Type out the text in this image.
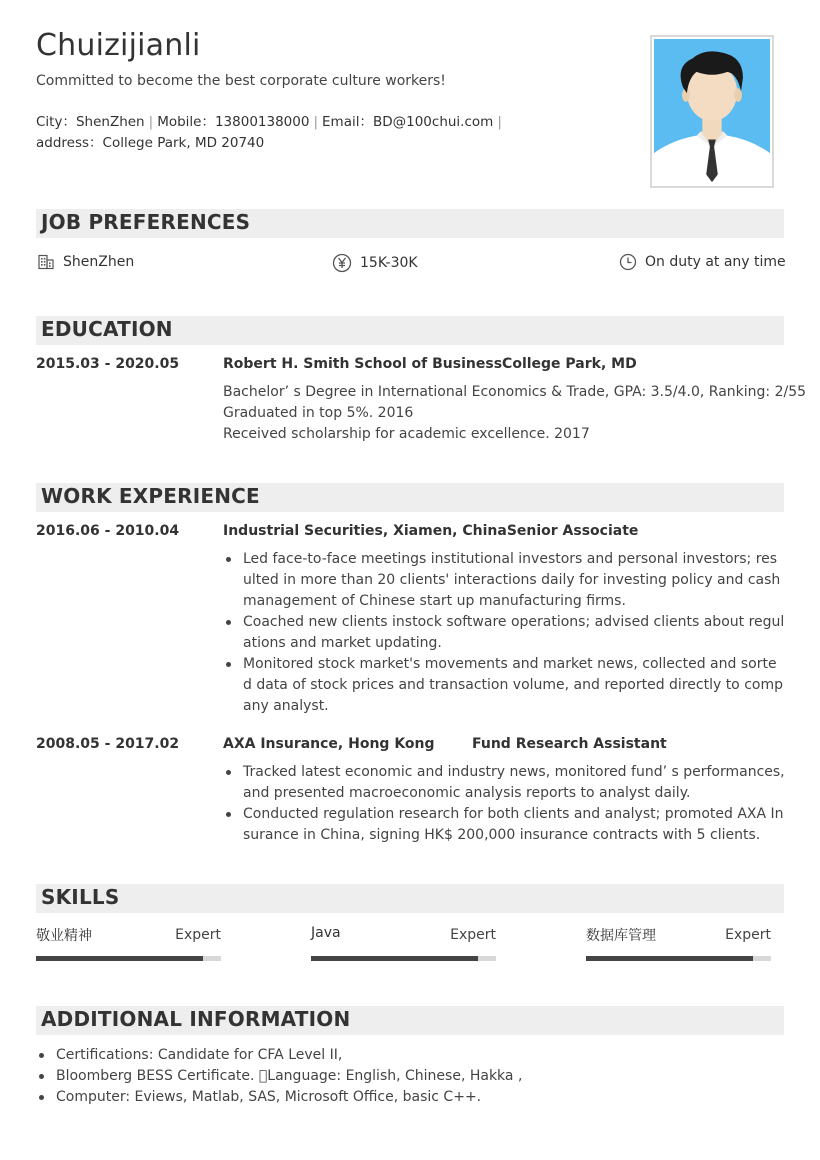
Chuizijianli
Committed to become the best corporate culture workers!
City：ShenZhen | Mobile：13800138000 | Email：BD@100chui.com |
address：College Park, MD 20740
JOB PREFERENCES
ShenZhen	15K-30K	On duty at any time
EDUCATION
2015.03 - 2020.05	Robert H. Smith School of BusinessCollege Park, MD
Bachelor’ s Degree in International Economics & Trade, GPA: 3.5/4.0, Ranking: 2/55
Graduated in top 5%. 2016
Received scholarship for academic excellence. 2017
WORK EXPERIENCE
2016.06 - 2010.04	Industrial Securities, Xiamen, ChinaSenior Associate
Led face-to-face meetings institutional investors and personal investors; resulted in more than 20 clients' interactions daily for investing policy and cash management of Chinese start up manufacturing firms.
Coached new clients instock software operations; advised clients about regulations and market updating.
Monitored stock market's movements and market news, collected and sorted data of stock prices and transaction volume, and reported directly to company analyst.
2008.05 - 2017.02	AXA Insurance, Hong Kong	Fund Research Assistant
Tracked latest economic and industry news, monitored fund’ s performances, and presented macroeconomic analysis reports to analyst daily.
Conducted regulation research for both clients and analyst; promoted AXA Insurance in China, signing HK$ 200,000 insurance contracts with 5 clients.
SKILLS
敬业精神	Expert	Java	Expert	数据库管理	Expert
ADDITIONAL INFORMATION
Certifications: Candidate for CFA Level II,
Bloomberg BESS Certificate.  Language: English, Chinese, Hakka ,
Computer: Eviews, Matlab, SAS, Microsoft Office, basic C++.
